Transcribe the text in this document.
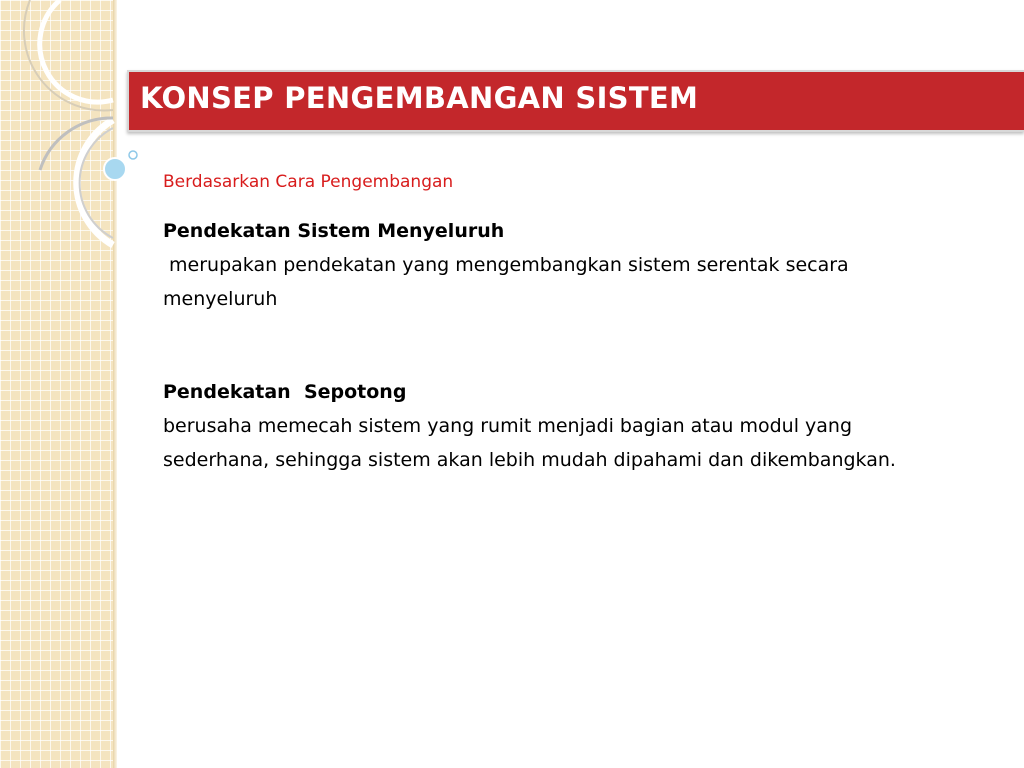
KONSEP PENGEMBANGAN SISTEM
Berdasarkan Cara Pengembangan
Pendekatan Sistem Menyeluruh
merupakan pendekatan yang mengembangkan sistem serentak secara menyeluruh
Pendekatan  Sepotong
berusaha memecah sistem yang rumit menjadi bagian atau modul yang sederhana, sehingga sistem akan lebih mudah dipahami dan dikembangkan.
